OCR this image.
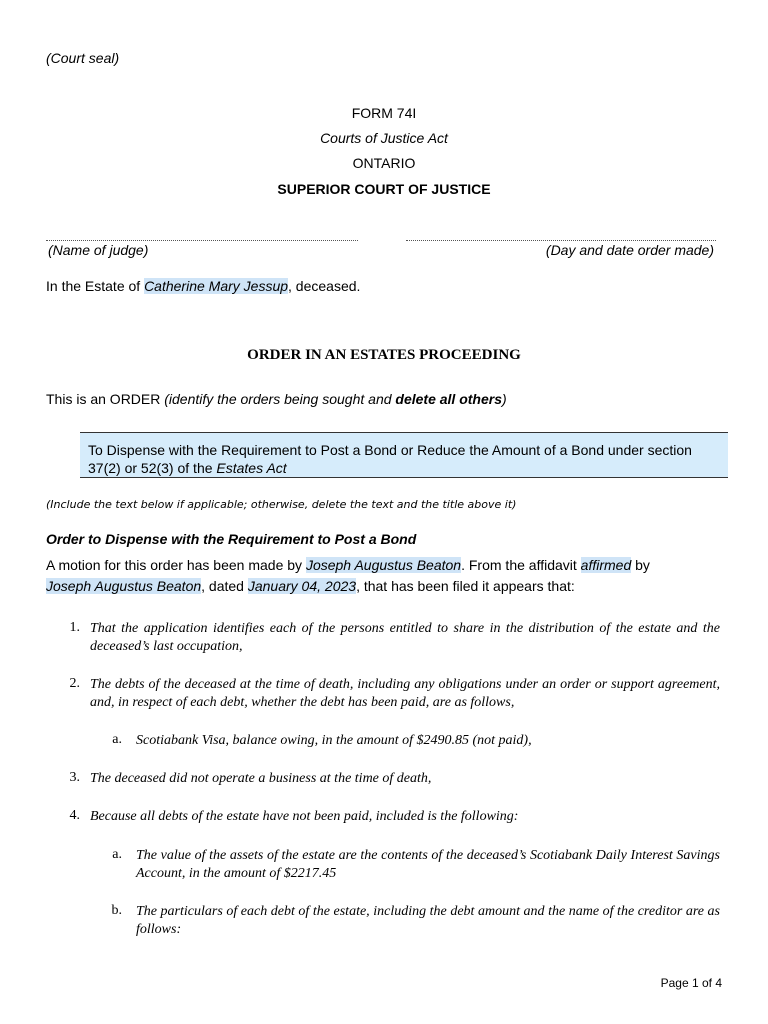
(Court seal)
FORM 74I
Courts of Justice Act
ONTARIO
SUPERIOR COURT OF JUSTICE
(Name of judge)	(Day and date order made)
In the Estate of Catherine Mary Jessup, deceased.
ORDER IN AN ESTATES PROCEEDING
This is an ORDER (identify the orders being sought and delete all others)
To Dispense with the Requirement to Post a Bond or Reduce the Amount of a Bond under section 37(2) or 52(3) of the Estates Act
(Include the text below if applicable; otherwise, delete the text and the title above it)
Order to Dispense with the Requirement to Post a Bond
A motion for this order has been made by Joseph Augustus Beaton. From the affidavit affirmed by
Joseph Augustus Beaton, dated January 04, 2023, that has been filed it appears that:
1. That the application identifies each of the persons entitled to share in the distribution of the estate and the deceased’s last occupation,
2. The debts of the deceased at the time of death, including any obligations under an order or support agreement, and, in respect of each debt, whether the debt has been paid, are as follows,
a. Scotiabank Visa, balance owing, in the amount of $2490.85 (not paid),
3. The deceased did not operate a business at the time of death,
4. Because all debts of the estate have not been paid, included is the following:
a. The value of the assets of the estate are the contents of the deceased’s Scotiabank Daily Interest Savings Account, in the amount of $2217.45
b. The particulars of each debt of the estate, including the debt amount and the name of the creditor are as follows:
Page 1 of 4
